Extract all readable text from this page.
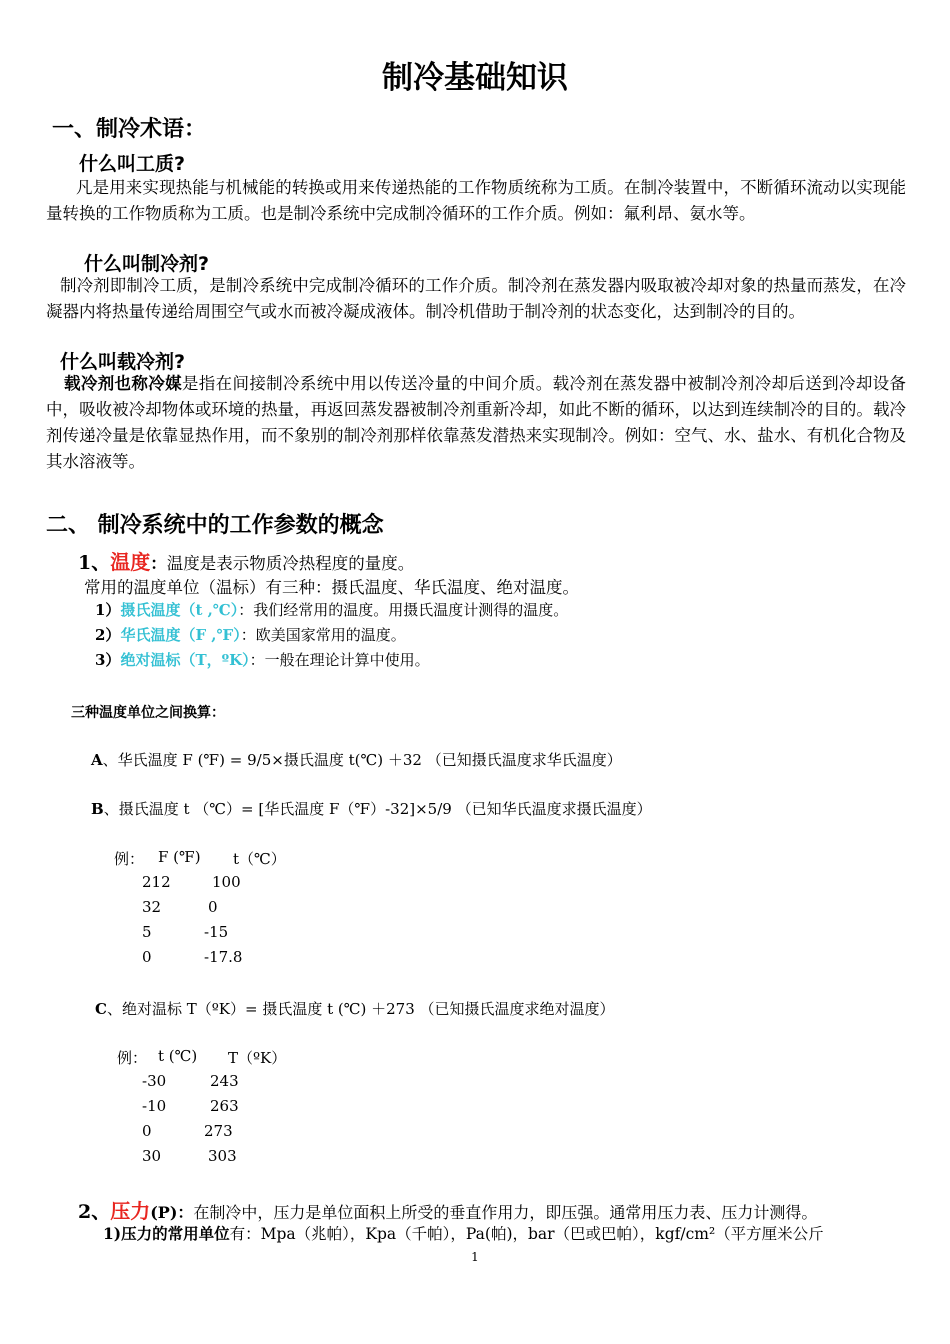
制冷基础知识
一、制冷术语：
什么叫工质?
凡是用来实现热能与机械能的转换或用来传递热能的工作物质统称为工质。在制冷装置中，不断循环流动以实现能量转换的工作物质称为工质。也是制冷系统中完成制冷循环的工作介质。例如：氟利昂、氨水等。
什么叫制冷剂?
制冷剂即制冷工质，是制冷系统中完成制冷循环的工作介质。制冷剂在蒸发器内吸取被冷却对象的热量而蒸发，在冷凝器内将热量传递给周围空气或水而被冷凝成液体。制冷机借助于制冷剂的状态变化，达到制冷的目的。
什么叫载冷剂?
载冷剂也称冷媒是指在间接制冷系统中用以传送冷量的中间介质。载冷剂在蒸发器中被制冷剂冷却后送到冷却设备中，吸收被冷却物体或环境的热量，再返回蒸发器被制冷剂重新冷却，如此不断的循环，以达到连续制冷的目的。载冷剂传递冷量是依靠显热作用，而不象别的制冷剂那样依靠蒸发潜热来实现制冷。例如：空气、水、盐水、有机化合物及其水溶液等。
二、 制冷系统中的工作参数的概念
1、温度：温度是表示物质冷热程度的量度。
常用的温度单位（温标）有三种：摄氏温度、华氏温度、绝对温度。
1）摄氏温度（t ,℃）：我们经常用的温度。用摄氏温度计测得的温度。
2）华氏温度（F ,℉）：欧美国家常用的温度。
3）绝对温标（T，ºK）：一般在理论计算中使用。
三种温度单位之间换算：
A、华氏温度 F (℉) = 9/5×摄氏温度 t(℃) ＋32 （已知摄氏温度求华氏温度）
B、摄氏温度 t （℃）= [华氏温度 F（℉）-32]×5/9 （已知华氏温度求摄氏温度）
例： F (℉) t（℃）
212	100
32	0
5	-15
0	-17.8
C、绝对温标 T（ºK）= 摄氏温度 t (℃) ＋273 （已知摄氏温度求绝对温度）
例： t (℃) T（ºK）
-30	243
-10	263
0	273
30	303
2、压力(P)：在制冷中，压力是单位面积上所受的垂直作用力，即压强。通常用压力表、压力计测得。
1)压力的常用单位有：Mpa（兆帕），Kpa（千帕），Pa(帕)，bar（巴或巴帕），kgf/cm²（平方厘米公斤
1
